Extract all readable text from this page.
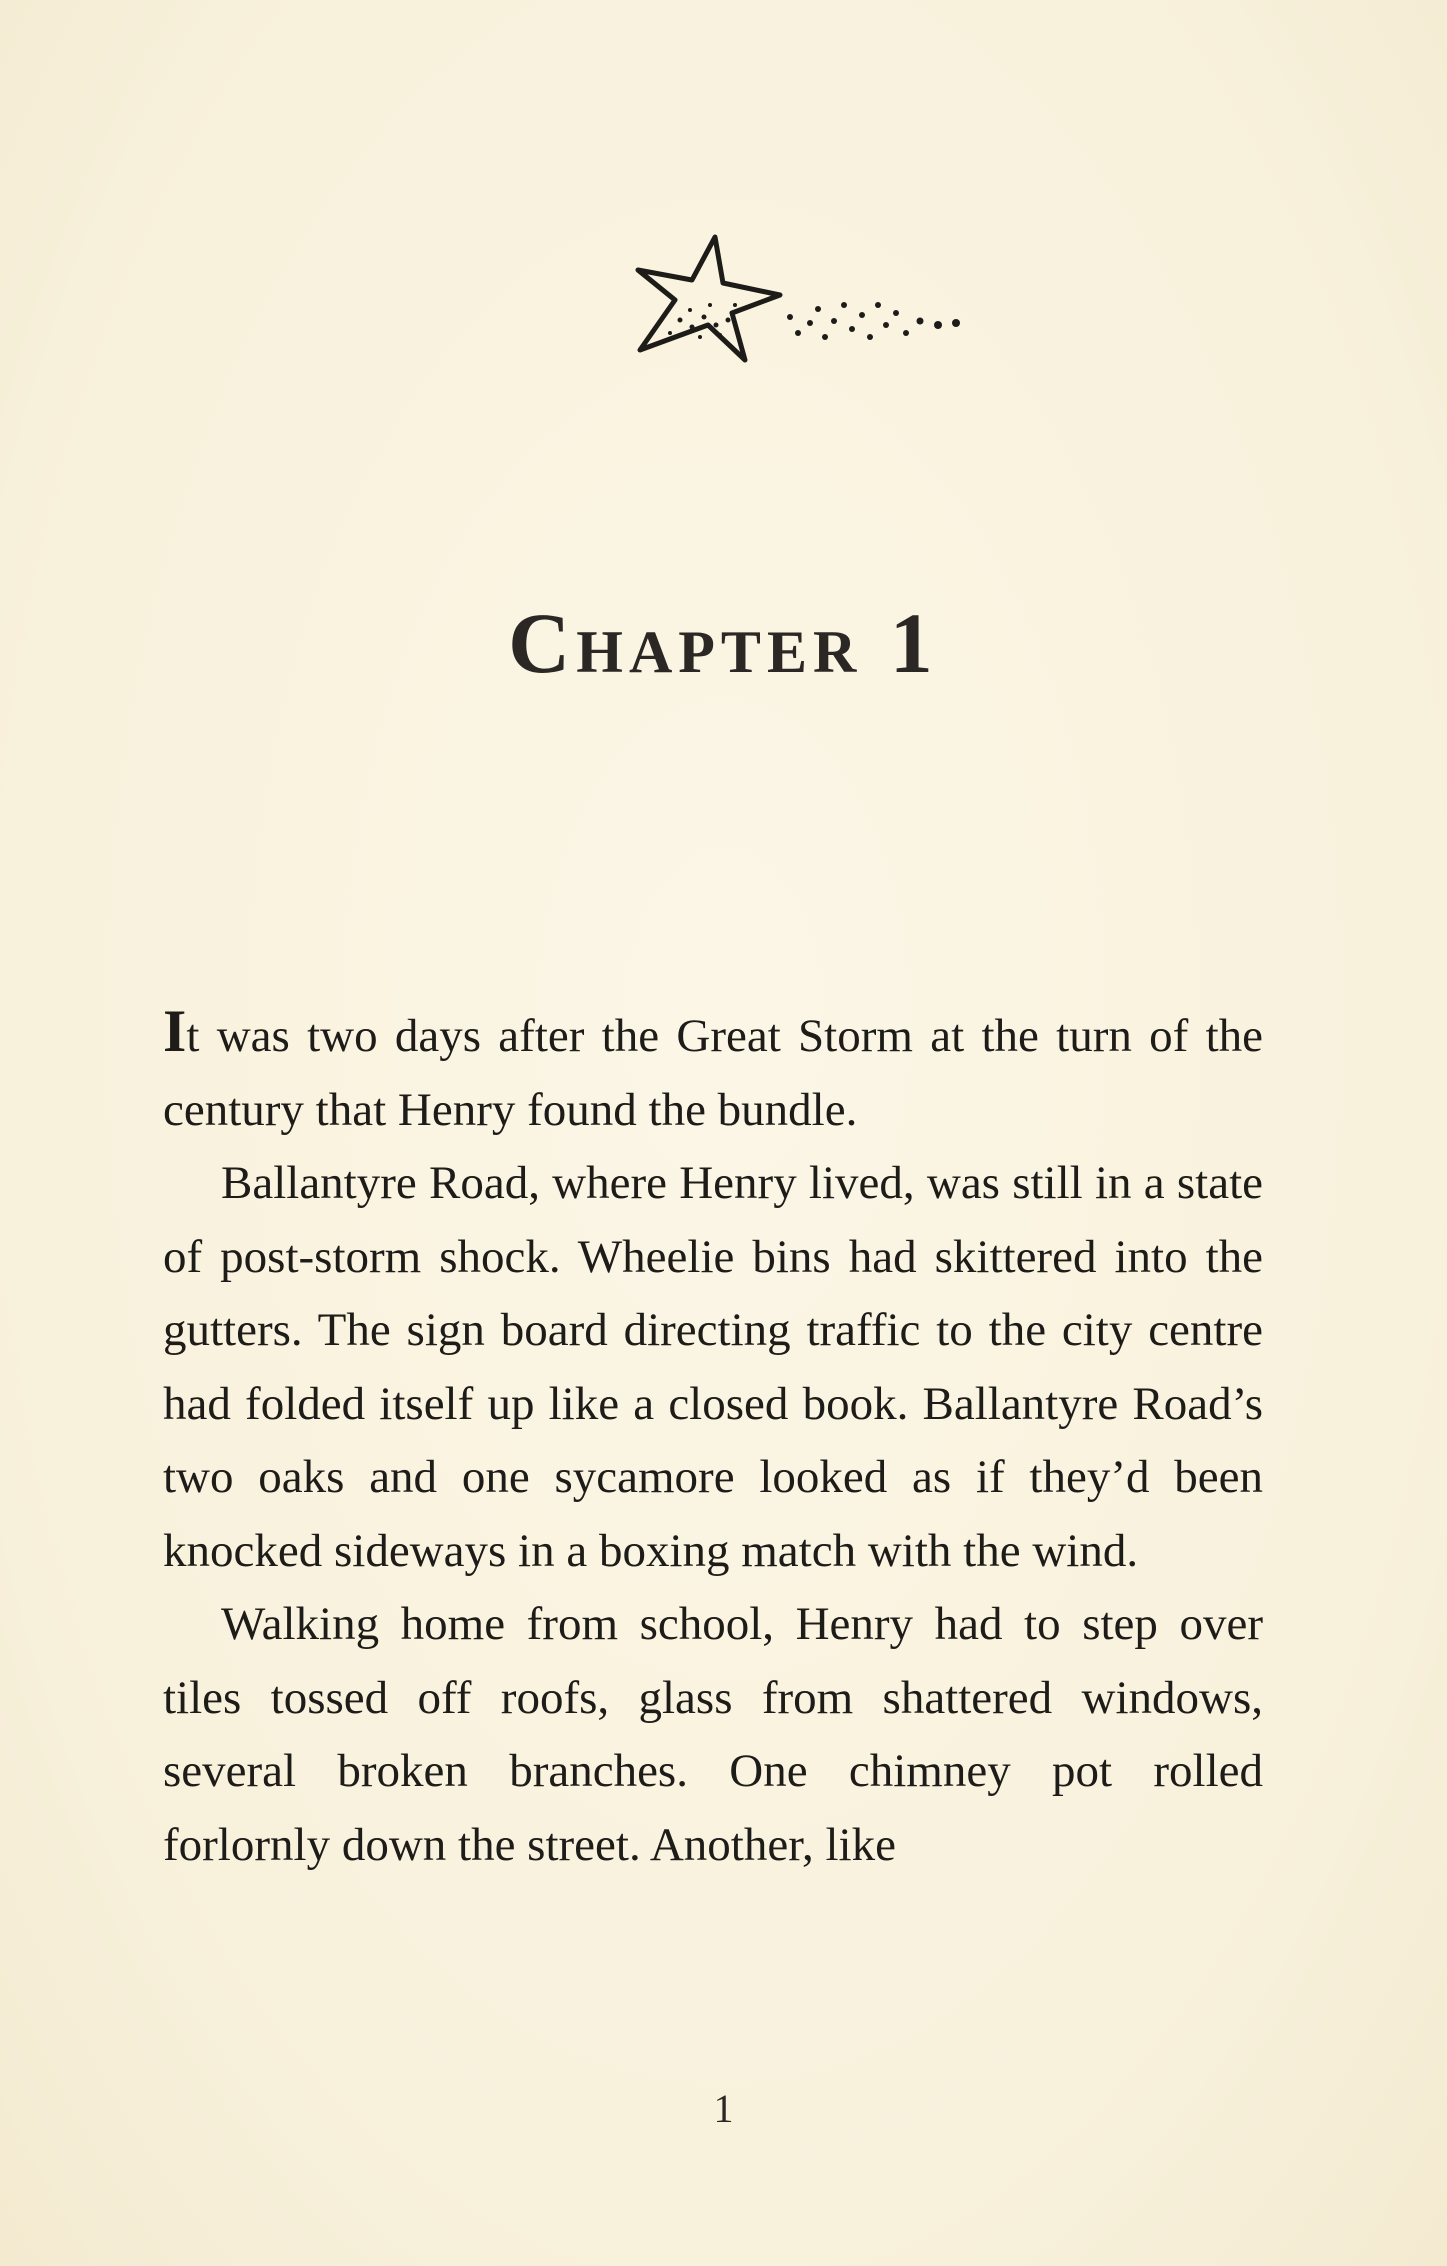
Chapter 1

It was two days after the Great Storm at the turn of the century that Henry found the bundle.

Ballantyre Road, where Henry lived, was still in a state of post-storm shock. Wheelie bins had skittered into the gutters. The sign board directing traffic to the city centre had folded itself up like a closed book. Ballantyre Road’s two oaks and one sycamore looked as if they’d been knocked sideways in a boxing match with the wind.

Walking home from school, Henry had to step over tiles tossed off roofs, glass from shattered windows, several broken branches. One chimney pot rolled forlornly down the street. Another, like

1
